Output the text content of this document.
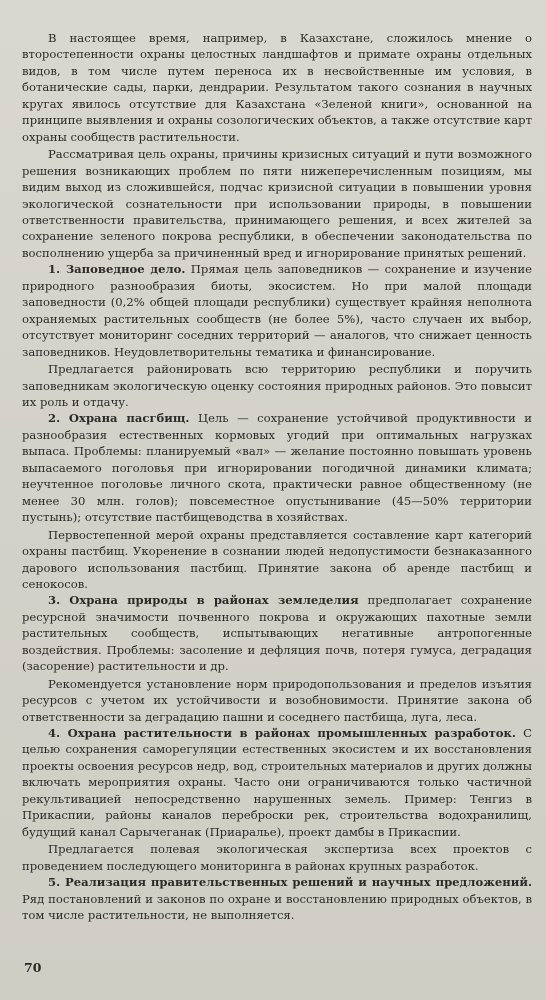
В настоящее время, например, в Казахстане, сложилось мнение о второстепенности охраны целостных ландшафтов и примате охраны отдельных видов, в том числе путем переноса их в несвойственные им условия, в ботанические сады, парки, дендрарии. Результатом такого сознания в научных кругах явилось отсутствие для Казахстана «Зеленой книги», основанной на принципе выявления и охраны созологических объектов, а также отсутствие карт охраны сообществ растительности.

Рассматривая цель охраны, причины кризисных ситуаций и пути возможного решения возникающих проблем по пяти нижеперечисленным позициям, мы видим выход из сложившейся, подчас кризисной ситуации в повышении уровня экологической сознательности при использовании природы, в повышении ответственности правительства, принимающего решения, и всех жителей за сохранение зеленого покрова республики, в обеспечении законодательства по восполнению ущерба за причиненный вред и игнорирование принятых решений.

1. Заповедное дело. Прямая цель заповедников — сохранение и изучение природного разнообразия биоты, экосистем. Но при малой площади заповедности (0,2% общей площади республики) существует крайняя неполнота охраняемых растительных сообществ (не более 5%), часто случаен их выбор, отсутствует мониторинг соседних территорий — аналогов, что снижает ценность заповедников. Неудовлетворительны тематика и финансирование.

Предлагается районировать всю территорию республики и поручить заповедникам экологическую оценку состояния природных районов. Это повысит их роль и отдачу.

2. Охрана пасгбищ. Цель — сохранение устойчивой продуктивности и разнообразия естественных кормовых угодий при оптимальных нагрузках выпаса. Проблемы: планируемый «вал» — желание постоянно повышать уровень выпасаемого поголовья при игнорировании погодичной динамики климата; неучтенное поголовье личного скота, практически равное общественному (не менее 30 млн. голов); повсеместное опустынивание (45—50% территории пустынь); отсутствие пастбищеводства в хозяйствах.

Первостепенной мерой охраны представляется составление карт категорий охраны пастбищ. Укоренение в сознании людей недопустимости безнаказанного дарового использования пастбищ. Принятие закона об аренде пастбищ и сенокосов.

3. Охрана природы в районах земледелия предполагает сохранение ресурсной значимости почвенного покрова и окружающих пахотные земли растительных сообществ, испытывающих негативные антропогенные воздействия. Проблемы: засоление и дефляция почв, потеря гумуса, деградация (засорение) растительности и др.

Рекомендуется установление норм природопользования и пределов изъятия ресурсов с учетом их устойчивости и возобновимости. Принятие закона об ответственности за деградацию пашни и соседнего пастбища, луга, леса.

4. Охрана растительности в районах промышленных разработок. С целью сохранения саморегуляции естественных экосистем и их восстановления проекты освоения ресурсов недр, вод, строительных материалов и других должны включать мероприятия охраны. Часто они ограничиваются только частичной рекультивацией непосредственно нарушенных земель. Пример: Тенгиз в Прикаспии, районы каналов переброски рек, строительства водохранилищ, будущий канал Сарычеганак (Приаралье), проект дамбы в Прикаспии.

Предлагается полевая экологическая экспертиза всех проектов с проведением последующего мониторинга в районах крупных разработок.

5. Реализация правительственных решений и научных предложений. Ряд постановлений и законов по охране и восстановлению природных объектов, в том числе растительности, не выполняется.

70
